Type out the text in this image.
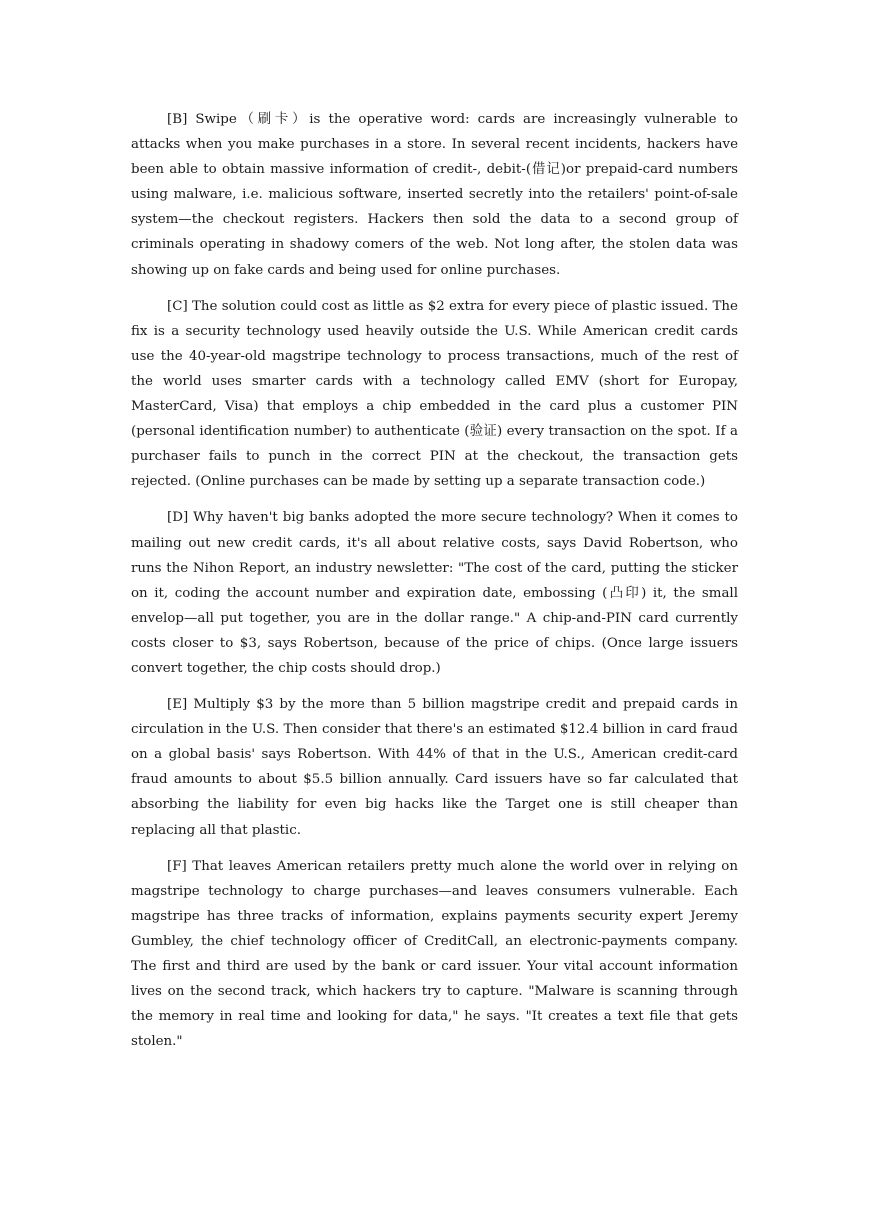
[B] Swipe（刷卡）is the operative word: cards are increasingly vulnerable to attacks when you make purchases in a store. In several recent incidents, hackers have been able to obtain massive information of credit-, debit-(借记)or prepaid-card numbers using malware, i.e. malicious software, inserted secretly into the retailers' point-of-sale system—the checkout registers. Hackers then sold the data to a second group of criminals operating in shadowy comers of the web. Not long after, the stolen data was showing up on fake cards and being used for online purchases.

[C] The solution could cost as little as $2 extra for every piece of plastic issued. The fix is a security technology used heavily outside the U.S. While American credit cards use the 40-year-old magstripe technology to process transactions, much of the rest of the world uses smarter cards with a technology called EMV (short for Europay, MasterCard, Visa) that employs a chip embedded in the card plus a customer PIN (personal identification number) to authenticate (验证) every transaction on the spot. If a purchaser fails to punch in the correct PIN at the checkout, the transaction gets rejected. (Online purchases can be made by setting up a separate transaction code.)

[D] Why haven't big banks adopted the more secure technology? When it comes to mailing out new credit cards, it's all about relative costs, says David Robertson, who runs the Nihon Report, an industry newsletter: "The cost of the card, putting the sticker on it, coding the account number and expiration date, embossing (凸印) it, the small envelop—all put together, you are in the dollar range." A chip-and-PIN card currently costs closer to $3, says Robertson, because of the price of chips. (Once large issuers convert together, the chip costs should drop.)

[E] Multiply $3 by the more than 5 billion magstripe credit and prepaid cards in circulation in the U.S. Then consider that there's an estimated $12.4 billion in card fraud on a global basis' says Robertson. With 44% of that in the U.S., American credit-card fraud amounts to about $5.5 billion annually. Card issuers have so far calculated that absorbing the liability for even big hacks like the Target one is still cheaper than replacing all that plastic.

[F] That leaves American retailers pretty much alone the world over in relying on magstripe technology to charge purchases—and leaves consumers vulnerable. Each magstripe has three tracks of information, explains payments security expert Jeremy Gumbley, the chief technology officer of CreditCall, an electronic-payments company. The first and third are used by the bank or card issuer. Your vital account information lives on the second track, which hackers try to capture. "Malware is scanning through the memory in real time and looking for data," he says. "It creates a text file that gets stolen."
